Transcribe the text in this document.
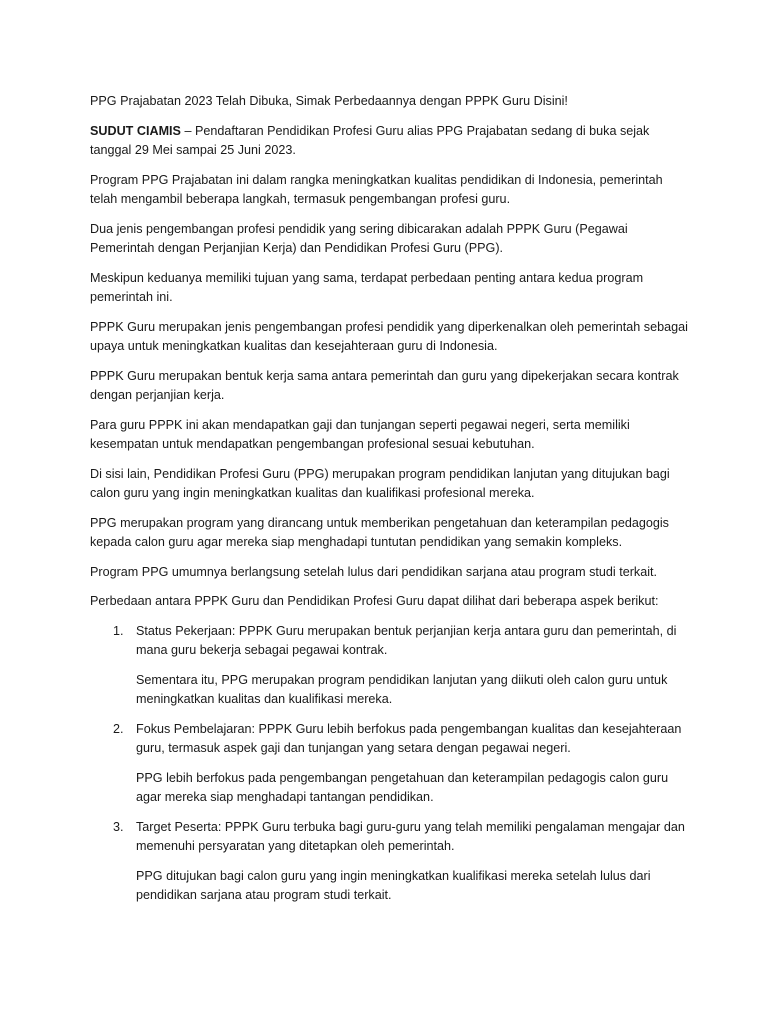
PPG Prajabatan 2023 Telah Dibuka, Simak Perbedaannya dengan PPPK Guru Disini!

SUDUT CIAMIS – Pendaftaran Pendidikan Profesi Guru alias PPG Prajabatan sedang di buka sejak tanggal 29 Mei sampai 25 Juni 2023.

Program PPG Prajabatan ini dalam rangka meningkatkan kualitas pendidikan di Indonesia, pemerintah telah mengambil beberapa langkah, termasuk pengembangan profesi guru.

Dua jenis pengembangan profesi pendidik yang sering dibicarakan adalah PPPK Guru (Pegawai Pemerintah dengan Perjanjian Kerja) dan Pendidikan Profesi Guru (PPG).

Meskipun keduanya memiliki tujuan yang sama, terdapat perbedaan penting antara kedua program pemerintah ini.

PPPK Guru merupakan jenis pengembangan profesi pendidik yang diperkenalkan oleh pemerintah sebagai upaya untuk meningkatkan kualitas dan kesejahteraan guru di Indonesia.

PPPK Guru merupakan bentuk kerja sama antara pemerintah dan guru yang dipekerjakan secara kontrak dengan perjanjian kerja.

Para guru PPPK ini akan mendapatkan gaji dan tunjangan seperti pegawai negeri, serta memiliki kesempatan untuk mendapatkan pengembangan profesional sesuai kebutuhan.

Di sisi lain, Pendidikan Profesi Guru (PPG) merupakan program pendidikan lanjutan yang ditujukan bagi calon guru yang ingin meningkatkan kualitas dan kualifikasi profesional mereka.

PPG merupakan program yang dirancang untuk memberikan pengetahuan dan keterampilan pedagogis kepada calon guru agar mereka siap menghadapi tuntutan pendidikan yang semakin kompleks.

Program PPG umumnya berlangsung setelah lulus dari pendidikan sarjana atau program studi terkait.

Perbedaan antara PPPK Guru dan Pendidikan Profesi Guru dapat dilihat dari beberapa aspek berikut:

1. Status Pekerjaan: PPPK Guru merupakan bentuk perjanjian kerja antara guru dan pemerintah, di mana guru bekerja sebagai pegawai kontrak.

Sementara itu, PPG merupakan program pendidikan lanjutan yang diikuti oleh calon guru untuk meningkatkan kualitas dan kualifikasi mereka.

2. Fokus Pembelajaran: PPPK Guru lebih berfokus pada pengembangan kualitas dan kesejahteraan guru, termasuk aspek gaji dan tunjangan yang setara dengan pegawai negeri.

PPG lebih berfokus pada pengembangan pengetahuan dan keterampilan pedagogis calon guru agar mereka siap menghadapi tantangan pendidikan.

3. Target Peserta: PPPK Guru terbuka bagi guru-guru yang telah memiliki pengalaman mengajar dan memenuhi persyaratan yang ditetapkan oleh pemerintah.

PPG ditujukan bagi calon guru yang ingin meningkatkan kualifikasi mereka setelah lulus dari pendidikan sarjana atau program studi terkait.
